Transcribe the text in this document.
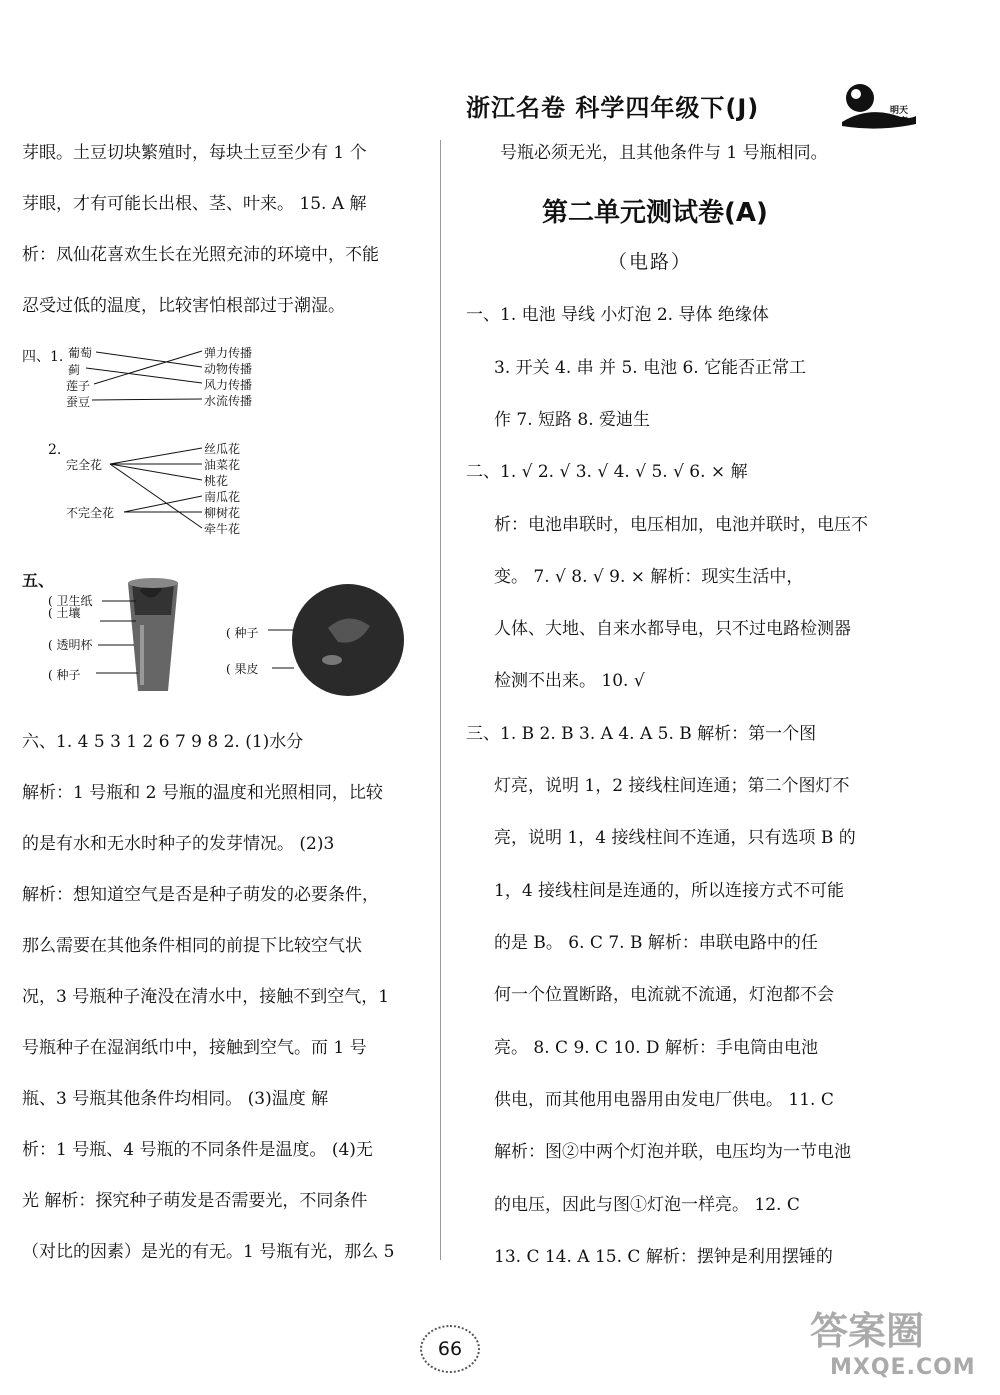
浙江名卷 科学四年级下(J)	明天
教育
芽眼。土豆切块繁殖时，每块土豆至少有 1 个
芽眼，才有可能长出根、茎、叶来。 15. A 解
析：凤仙花喜欢生长在光照充沛的环境中，不能
忍受过低的温度，比较害怕根部过于潮湿。
四、1. 葡萄
蓟
莲子
蚕豆
弹力传播
动物传播
风力传播
水流传播
2.
完全花
不完全花
丝瓜花
油菜花
桃花
南瓜花
柳树花
牵牛花
五、
( 卫生纸
( 土壤
( 透明杯
( 种子
( 种子
( 果皮
六、1. 4 5 3 1 2 6 7 9 8 2. (1)水分
解析：1 号瓶和 2 号瓶的温度和光照相同，比较
的是有水和无水时种子的发芽情况。 (2)3
解析：想知道空气是否是种子萌发的必要条件，
那么需要在其他条件相同的前提下比较空气状
况，3 号瓶种子淹没在清水中，接触不到空气，1
号瓶种子在湿润纸巾中，接触到空气。而 1 号
瓶、3 号瓶其他条件均相同。 (3)温度 解
析：1 号瓶、4 号瓶的不同条件是温度。 (4)无
光 解析：探究种子萌发是否需要光，不同条件
（对比的因素）是光的有无。1 号瓶有光，那么 5
号瓶必须无光，且其他条件与 1 号瓶相同。
第二单元测试卷(A)
（电路）
一、1. 电池 导线 小灯泡 2. 导体 绝缘体
3. 开关 4. 串 并 5. 电池 6. 它能否正常工
作 7. 短路 8. 爱迪生
二、1. √ 2. √ 3. √ 4. √ 5. √ 6. × 解
析：电池串联时，电压相加，电池并联时，电压不
变。 7. √ 8. √ 9. × 解析：现实生活中，
人体、大地、自来水都导电，只不过电路检测器
检测不出来。 10. √
三、1. B 2. B 3. A 4. A 5. B 解析：第一个图
灯亮，说明 1，2 接线柱间连通；第二个图灯不
亮，说明 1，4 接线柱间不连通，只有选项 B 的
1，4 接线柱间是连通的，所以连接方式不可能
的是 B。 6. C 7. B 解析：串联电路中的任
何一个位置断路，电流就不流通，灯泡都不会
亮。 8. C 9. C 10. D 解析：手电筒由电池
供电，而其他用电器用由发电厂供电。 11. C
解析：图②中两个灯泡并联，电压均为一节电池
的电压，因此与图①灯泡一样亮。 12. C
13. C 14. A 15. C 解析：摆钟是利用摆锤的
66	答案圈
MXQE.COM
